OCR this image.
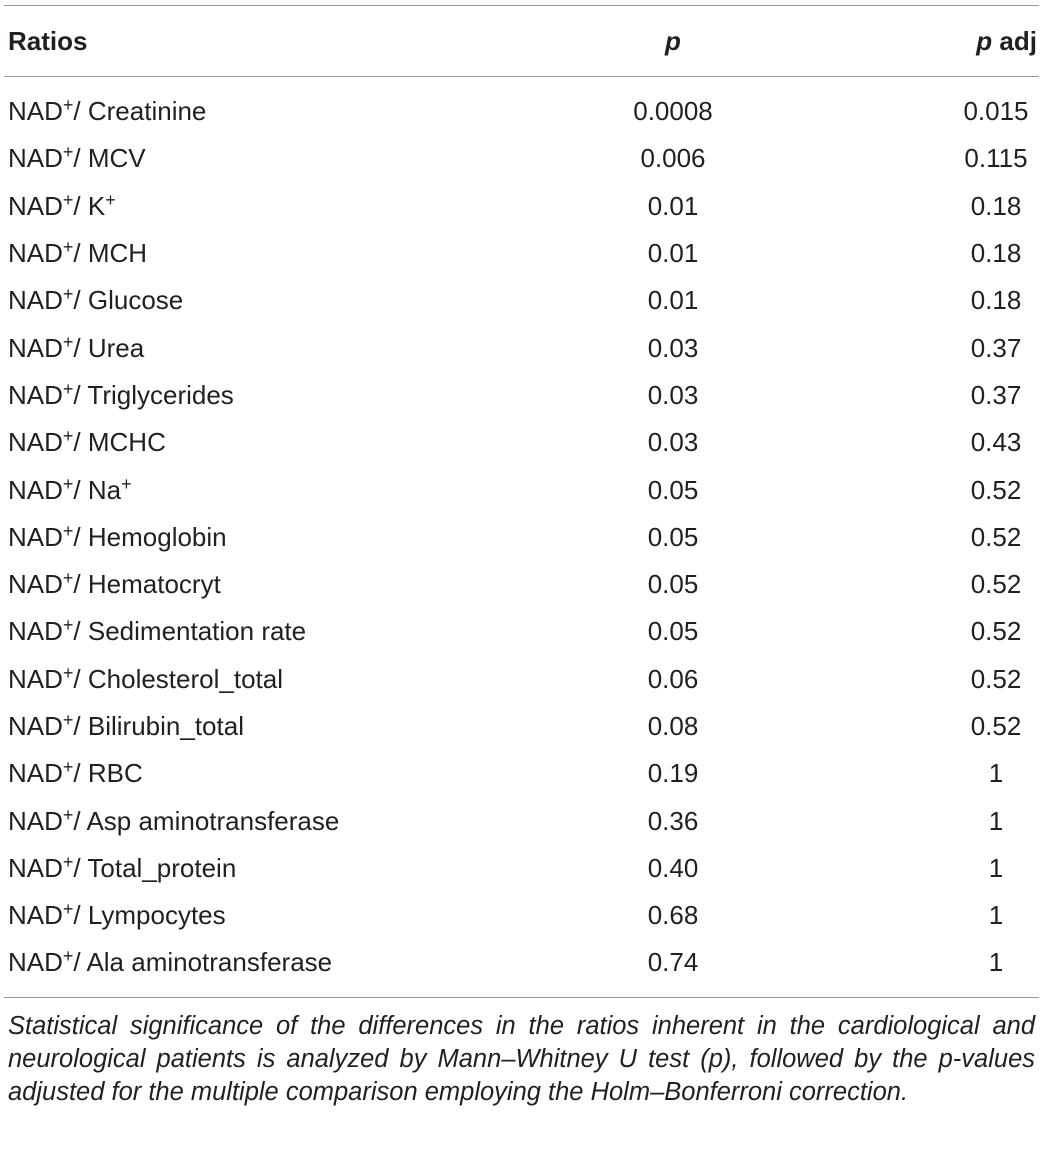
Ratios	p	p adj
NAD+/ Creatinine	0.0008	0.015
NAD+/ MCV	0.006	0.115
NAD+/ K+	0.01	0.18
NAD+/ MCH	0.01	0.18
NAD+/ Glucose	0.01	0.18
NAD+/ Urea	0.03	0.37
NAD+/ Triglycerides	0.03	0.37
NAD+/ MCHC	0.03	0.43
NAD+/ Na+	0.05	0.52
NAD+/ Hemoglobin	0.05	0.52
NAD+/ Hematocryt	0.05	0.52
NAD+/ Sedimentation rate	0.05	0.52
NAD+/ Cholesterol_total	0.06	0.52
NAD+/ Bilirubin_total	0.08	0.52
NAD+/ RBC	0.19	1
NAD+/ Asp aminotransferase	0.36	1
NAD+/ Total_protein	0.40	1
NAD+/ Lympocytes	0.68	1
NAD+/ Ala aminotransferase	0.74	1

Statistical significance of the differences in the ratios inherent in the cardiological and neurological patients is analyzed by Mann–Whitney U test (p), followed by the p-values adjusted for the multiple comparison employing the Holm–Bonferroni correction.
